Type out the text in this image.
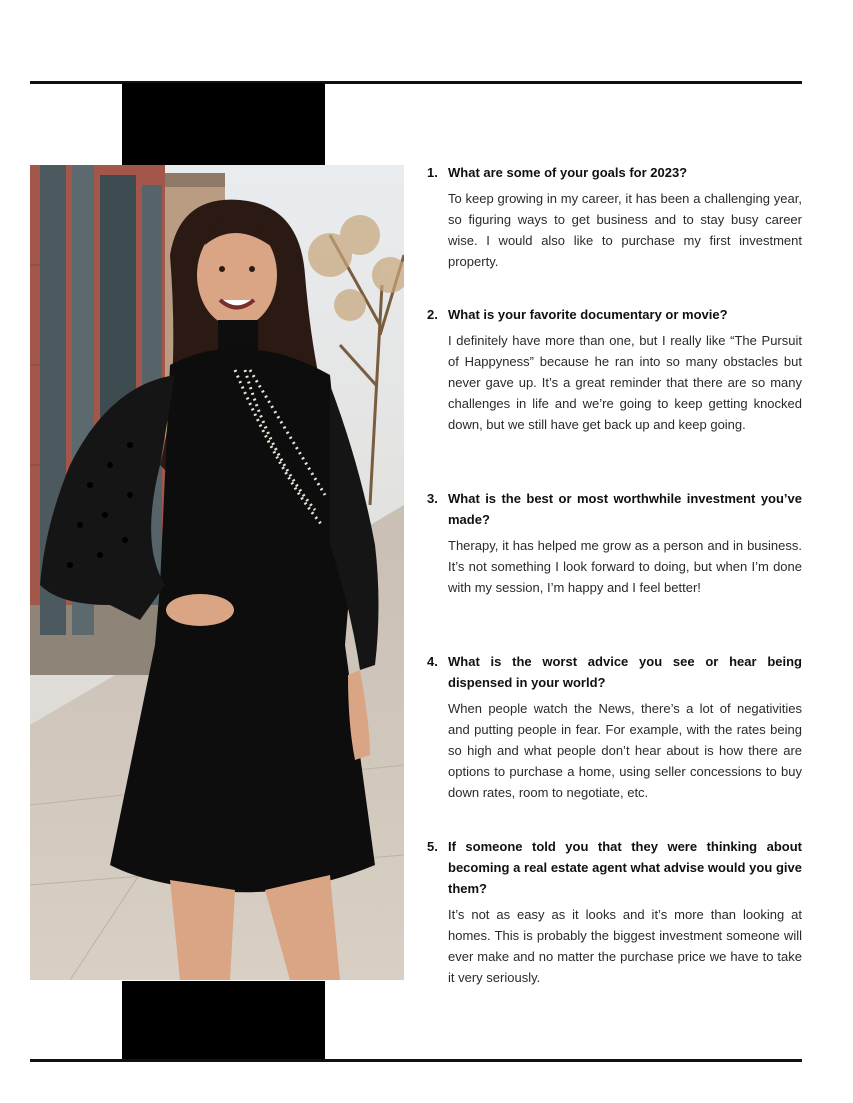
1. What are some of your goals for 2023?

To keep growing in my career, it has been a challenging year, so figuring ways to get business and to stay busy career wise. I would also like to purchase my first investment property.

2. What is your favorite documentary or movie?

I definitely have more than one, but I really like “The Pursuit of Happyness” because he ran into so many obstacles but never gave up. It’s a great reminder that there are so many challenges in life and we’re going to keep getting knocked down, but we still have get back up and keep going.

3. What is the best or most worthwhile investment you’ve made?

Therapy, it has helped me grow as a person and in business. It’s not something I look forward to doing, but when I’m done with my session, I’m happy and I feel better!

4. What is the worst advice you see or hear being dispensed in your world?

When people watch the News, there’s a lot of negativities and putting people in fear. For example, with the rates being so high and what people don’t hear about is how there are options to purchase a home, using seller concessions to buy down rates, room to negotiate, etc.

5. If someone told you that they were thinking about becoming a real estate agent what advise would you give them?

It’s not as easy as it looks and it’s more than looking at homes. This is probably the biggest investment someone will ever make and no matter the purchase price we have to take it very seriously.
